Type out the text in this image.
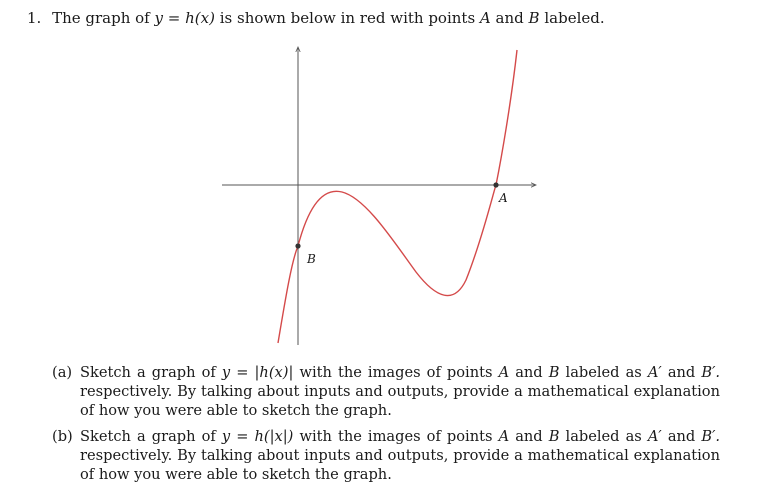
1. The graph of y = h(x) is shown below in red with points A and B labeled.
A
B
(a) Sketch a graph of y = |h(x)| with the images of points A and B labeled as A′ and B′. respectively. By talking about inputs and outputs, provide a mathematical explanation of how you were able to sketch the graph.
(b) Sketch a graph of y = h(|x|) with the images of points A and B labeled as A′ and B′. respectively. By talking about inputs and outputs, provide a mathematical explanation of how you were able to sketch the graph.
